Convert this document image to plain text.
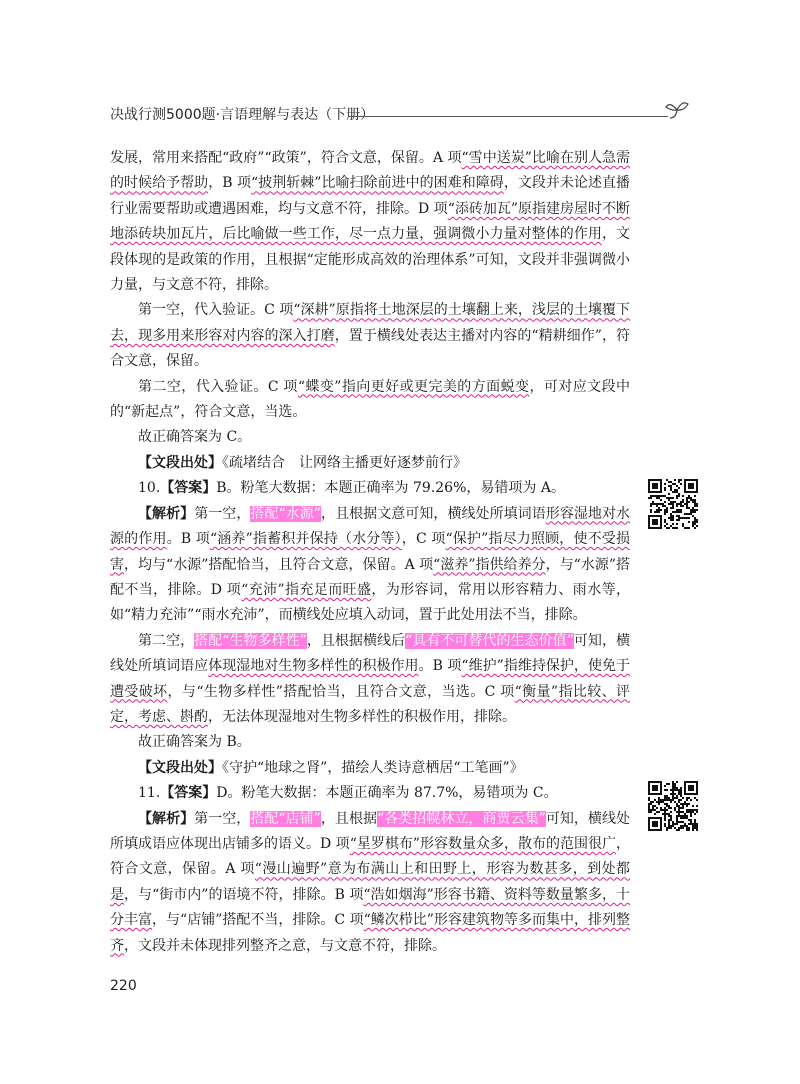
决战行测5000题·言语理解与表达（下册）

发展，常用来搭配“政府”“政策”，符合文意，保留。A 项“雪中送炭”比喻在别人急需的时候给予帮助，B 项“披荆斩棘”比喻扫除前进中的困难和障碍，文段并未论述直播行业需要帮助或遭遇困难，均与文意不符，排除。D 项“添砖加瓦”原指建房屋时不断地添砖块加瓦片，后比喻做一些工作，尽一点力量，强调微小力量对整体的作用，文段体现的是政策的作用，且根据“定能形成高效的治理体系”可知，文段并非强调微小力量，与文意不符，排除。

第一空，代入验证。C 项“深耕”原指将土地深层的土壤翻上来，浅层的土壤覆下去，现多用来形容对内容的深入打磨，置于横线处表达主播对内容的“精耕细作”，符合文意，保留。

第二空，代入验证。C 项“蝶变”指向更好或更完美的方面蜕变，可对应文段中的“新起点”，符合文意，当选。

故正确答案为 C。

【文段出处】《疏堵结合　让网络主播更好逐梦前行》

10.【答案】B。粉笔大数据：本题正确率为 79.26%，易错项为 A。

【解析】第一空，搭配“水源”，且根据文意可知，横线处所填词语形容湿地对水源的作用。B 项“涵养”指蓄积并保持（水分等），C 项“保护”指尽力照顾，使不受损害，均与“水源”搭配恰当，且符合文意，保留。A 项“滋养”指供给养分，与“水源”搭配不当，排除。D 项“充沛”指充足而旺盛，为形容词，常用以形容精力、雨水等，如“精力充沛”“雨水充沛”，而横线处应填入动词，置于此处用法不当，排除。

第二空，搭配“生物多样性”，且根据横线后“具有不可替代的生态价值”可知，横线处所填词语应体现湿地对生物多样性的积极作用。B 项“维护”指维持保护，使免于遭受破坏，与“生物多样性”搭配恰当，且符合文意，当选。C 项“衡量”指比较、评定，考虑、斟酌，无法体现湿地对生物多样性的积极作用，排除。

故正确答案为 B。

【文段出处】《守护“地球之肾”，描绘人类诗意栖居“工笔画”》

11.【答案】D。粉笔大数据：本题正确率为 87.7%，易错项为 C。

【解析】第一空，搭配“店铺”，且根据“各类招幌林立，商贾云集”可知，横线处所填成语应体现出店铺多的语义。D 项“星罗棋布”形容数量众多，散布的范围很广，符合文意，保留。A 项“漫山遍野”意为布满山上和田野上，形容为数甚多，到处都是，与“街市内”的语境不符，排除。B 项“浩如烟海”形容书籍、资料等数量繁多，十分丰富，与“店铺”搭配不当，排除。C 项“鳞次栉比”形容建筑物等多而集中，排列整齐，文段并未体现排列整齐之意，与文意不符，排除。

220
